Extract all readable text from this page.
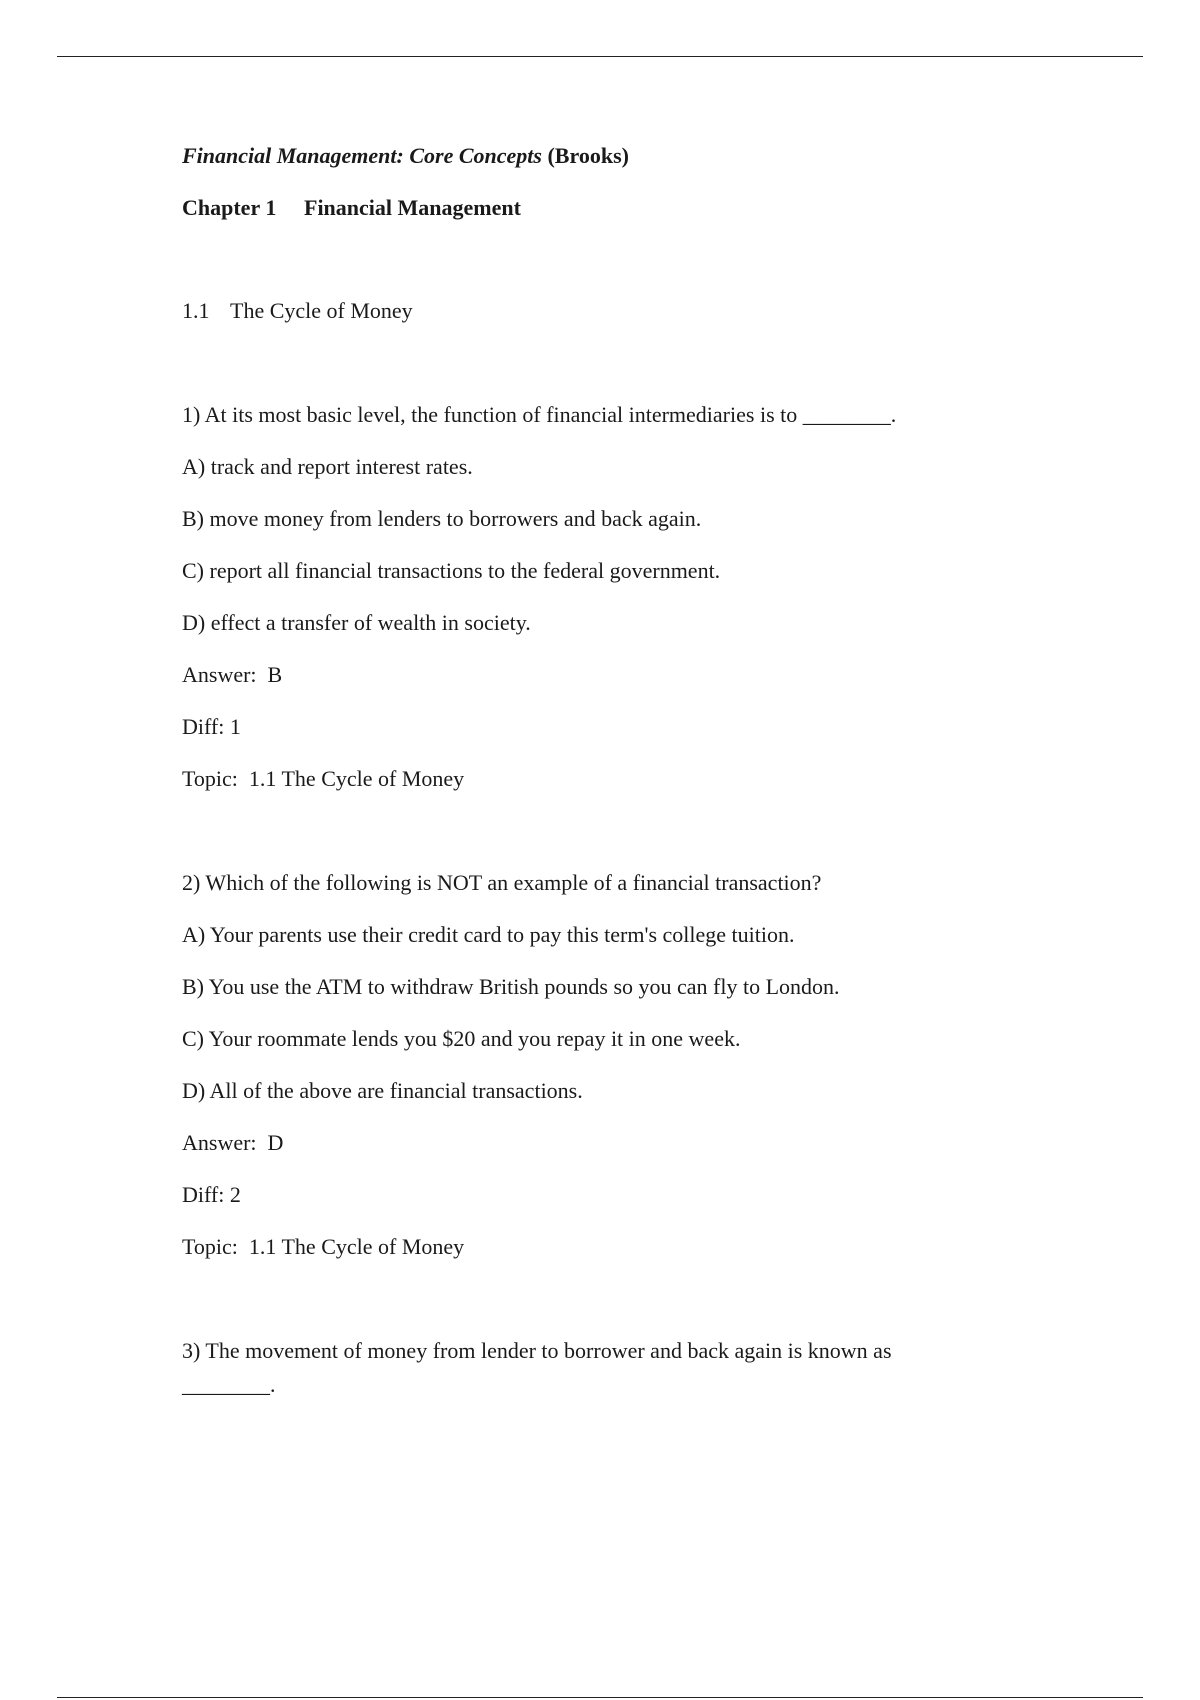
Financial Management: Core Concepts (Brooks)

Chapter 1 Financial Management

1.1 The Cycle of Money

1) At its most basic level, the function of financial intermediaries is to ________.

A) track and report interest rates.

B) move money from lenders to borrowers and back again.

C) report all financial transactions to the federal government.

D) effect a transfer of wealth in society.

Answer:  B

Diff: 1

Topic:  1.1 The Cycle of Money

2) Which of the following is NOT an example of a financial transaction?

A) Your parents use their credit card to pay this term's college tuition.

B) You use the ATM to withdraw British pounds so you can fly to London.

C) Your roommate lends you $20 and you repay it in one week.

D) All of the above are financial transactions.

Answer:  D

Diff: 2

Topic:  1.1 The Cycle of Money

3) The movement of money from lender to borrower and back again is known as

________.
